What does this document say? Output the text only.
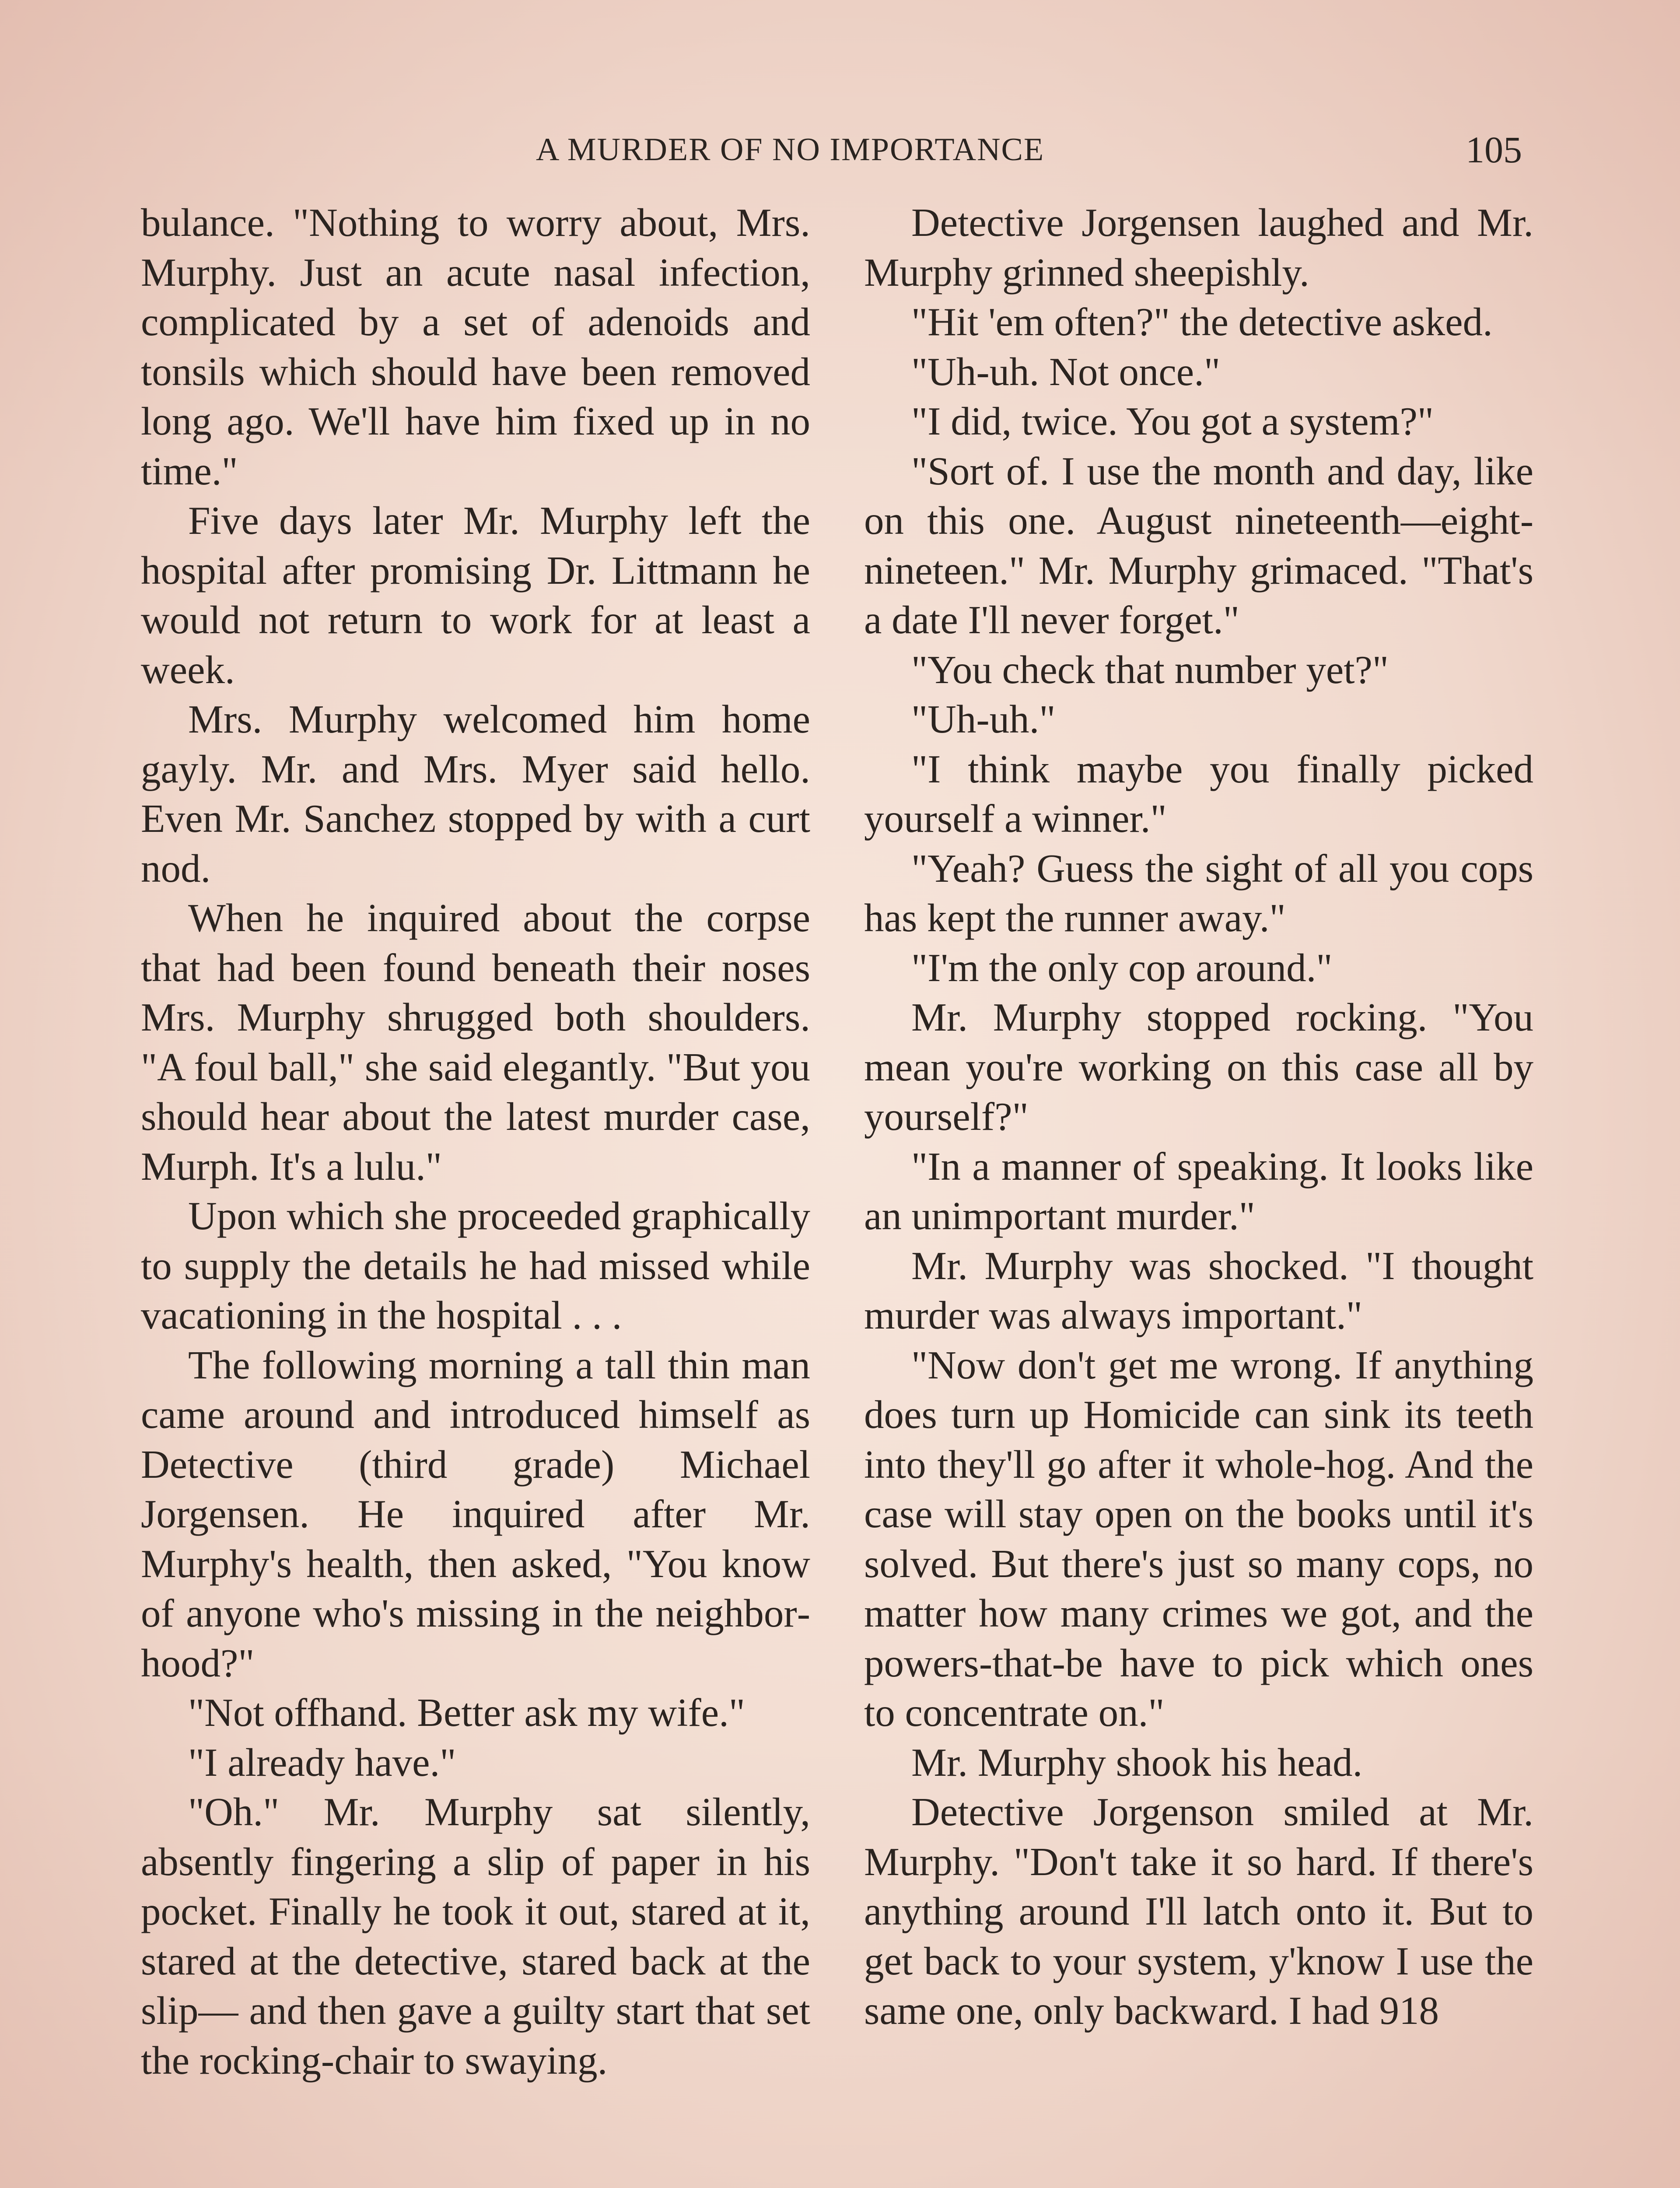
A MURDER OF NO IMPORTANCE	105

bulance. "Nothing to worry about, Mrs. Murphy. Just an acute nasal infection, complicated by a set of adenoids and tonsils which should have been removed long ago. We'll have him fixed up in no time."

Five days later Mr. Murphy left the hospital after promising Dr. Littmann he would not return to work for at least a week.

Mrs. Murphy welcomed him home gayly. Mr. and Mrs. Myer said hello. Even Mr. Sanchez stopped by with a curt nod.

When he inquired about the corpse that had been found beneath their noses Mrs. Murphy shrugged both shoulders. "A foul ball," she said elegantly. "But you should hear about the latest murder case, Murph. It's a lulu."

Upon which she proceeded graphically to supply the details he had missed while vacationing in the hospital . . .

The following morning a tall thin man came around and introduced himself as Detective (third grade) Michael Jorgensen. He inquired after Mr. Murphy's health, then asked, "You know of anyone who's missing in the neighborhood?"

"Not offhand. Better ask my wife."

"I already have."

"Oh." Mr. Murphy sat silently, absently fingering a slip of paper in his pocket. Finally he took it out, stared at it, stared at the detective, stared back at the slip— and then gave a guilty start that set the rocking-chair to swaying.

Detective Jorgensen laughed and Mr. Murphy grinned sheepishly.

"Hit 'em often?" the detective asked.

"Uh-uh. Not once."

"I did, twice. You got a system?"

"Sort of. I use the month and day, like on this one. August nineteenth—eight-nineteen." Mr. Murphy grimaced. "That's a date I'll never forget."

"You check that number yet?"

"Uh-uh."

"I think maybe you finally picked yourself a winner."

"Yeah? Guess the sight of all you cops has kept the runner away."

"I'm the only cop around."

Mr. Murphy stopped rocking. "You mean you're working on this case all by yourself?"

"In a manner of speaking. It looks like an unimportant murder."

Mr. Murphy was shocked. "I thought murder was always important."

"Now don't get me wrong. If anything does turn up Homicide can sink its teeth into they'll go after it whole-hog. And the case will stay open on the books until it's solved. But there's just so many cops, no matter how many crimes we got, and the powers-that-be have to pick which ones to concentrate on."

Mr. Murphy shook his head.

Detective Jorgenson smiled at Mr. Murphy. "Don't take it so hard. If there's anything around I'll latch onto it. But to get back to your system, y'know I use the same one, only backward. I had 918
